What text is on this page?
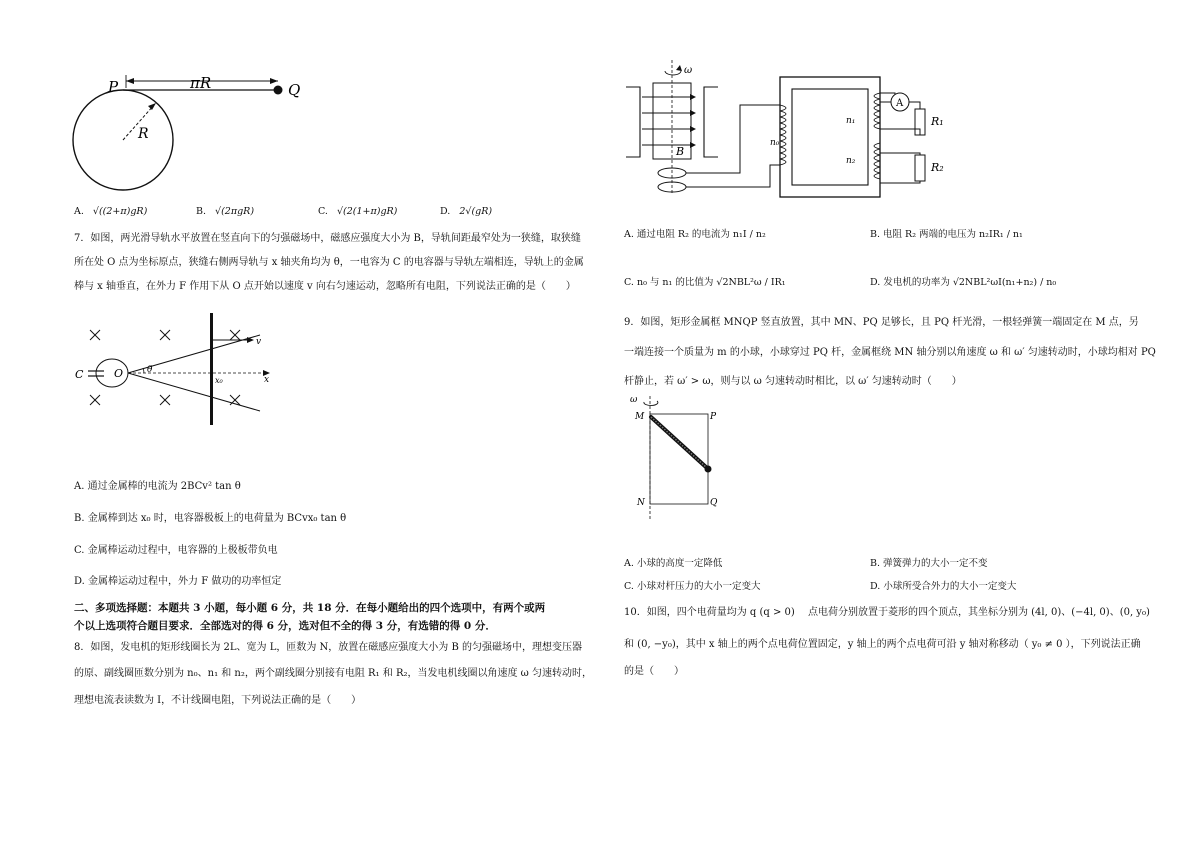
P	πR	Q
R
A. √((2+π)gR)	B. √(2πgR)	C. √(2(1+π)gR)	D. 2√(gR)
7．如图，两光滑导轨水平放置在竖直向下的匀强磁场中，磁感应强度大小为 B，导轨间距最窄处为一狭缝，取狭缝
所在处 O 点为坐标原点，狭缝右侧两导轨与 x 轴夹角均为 θ，一电容为 C 的电容器与导轨左端相连，导轨上的金属
棒与 x 轴垂直，在外力 F 作用下从 O 点开始以速度 v 向右匀速运动，忽略所有电阻，下列说法正确的是（　　）
C	O	θ
v
x₀	x
A. 通过金属棒的电流为 2BCv² tan θ
B. 金属棒到达 x₀ 时，电容器极板上的电荷量为 BCvx₀ tan θ
C. 金属棒运动过程中，电容器的上极板带负电
D. 金属棒运动过程中，外力 F 做功的功率恒定
二、多项选择题：本题共 3 小题，每小题 6 分，共 18 分．在每小题给出的四个选项中，有两个或两
个以上选项符合题目要求．全部选对的得 6 分，选对但不全的得 3 分，有选错的得 0 分．
8．如图，发电机的矩形线圈长为 2L、宽为 L，匝数为 N，放置在磁感应强度大小为 B 的匀强磁场中，理想变压器
的原、副线圈匝数分别为 n₀、n₁ 和 n₂，两个副线圈分别接有电阻 R₁ 和 R₂，当发电机线圈以角速度 ω 匀速转动时，
理想电流表读数为 I，不计线圈电阻，下列说法正确的是（　　）
ω
B
n₀
n₁
n₂
A
R₁
R₂
A. 通过电阻 R₂ 的电流为 n₁I / n₂	B. 电阻 R₂ 两端的电压为 n₂IR₁ / n₁
C. n₀ 与 n₁ 的比值为 √2NBL²ω / IR₁	D. 发电机的功率为 √2NBL²ωI(n₁+n₂) / n₀
9．如图，矩形金属框 MNQP 竖直放置，其中 MN、PQ 足够长，且 PQ 杆光滑，一根轻弹簧一端固定在 M 点，另
一端连接一个质量为 m 的小球，小球穿过 PQ 杆，金属框绕 MN 轴分别以角速度 ω 和 ω′ 匀速转动时，小球均相对 PQ
杆静止，若 ω′ > ω，则与以 ω 匀速转动时相比，以 ω′ 匀速转动时（　　）
ω
M	P
N	Q
A. 小球的高度一定降低	B. 弹簧弹力的大小一定不变
C. 小球对杆压力的大小一定变大	D. 小球所受合外力的大小一定变大
10．如图，四个电荷量均为 q (q > 0) 　点电荷分别放置于菱形的四个顶点，其坐标分别为 (4l, 0)、(−4l, 0)、(0, y₀)
和 (0, −y₀)，其中 x 轴上的两个点电荷位置固定，y 轴上的两个点电荷可沿 y 轴对称移动（ y₀ ≠ 0 ），下列说法正确
的是（　　）
